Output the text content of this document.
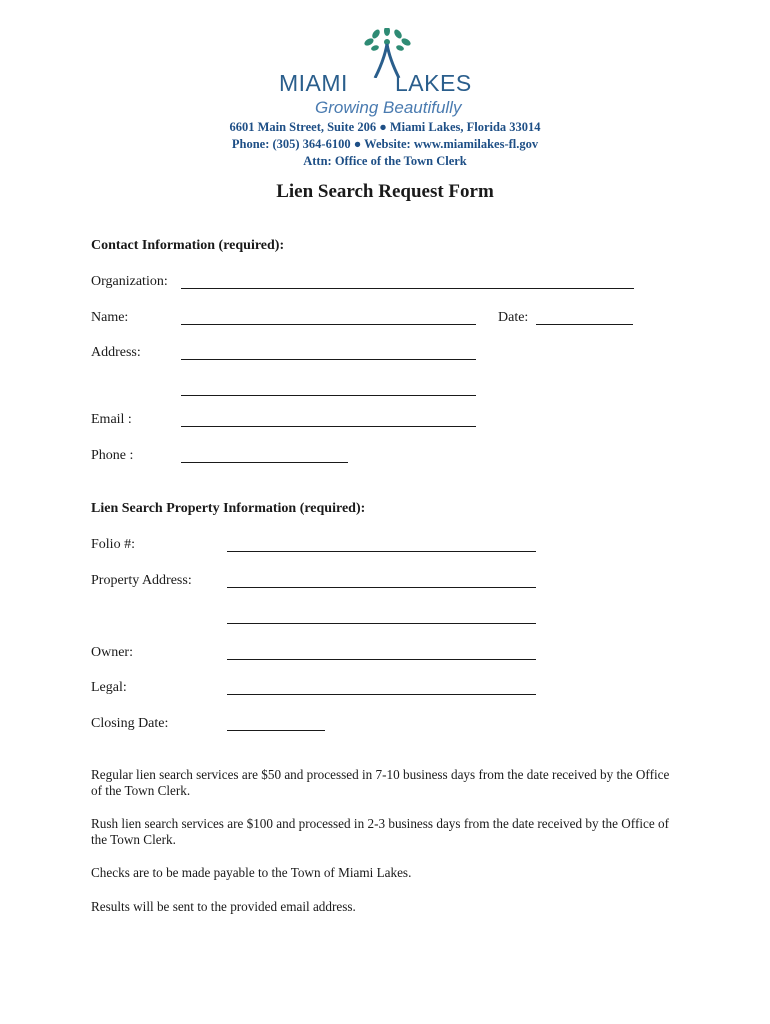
MIAMI LAKES
Growing Beautifully
6601 Main Street, Suite 206 ● Miami Lakes, Florida 33014
Phone: (305) 364-6100 ● Website: www.miamilakes-fl.gov
Attn: Office of the Town Clerk
Lien Search Request Form
Contact Information (required):
Organization:
Name:	Date:
Address:
Email :
Phone :
Lien Search Property Information (required):
Folio #:
Property Address:
Owner:
Legal:
Closing Date:
Regular lien search services are $50 and processed in 7-10 business days from the date received by the Office of the Town Clerk.
Rush lien search services are $100 and processed in 2-3 business days from the date received by the Office of the Town Clerk.
Checks are to be made payable to the Town of Miami Lakes.
Results will be sent to the provided email address.
